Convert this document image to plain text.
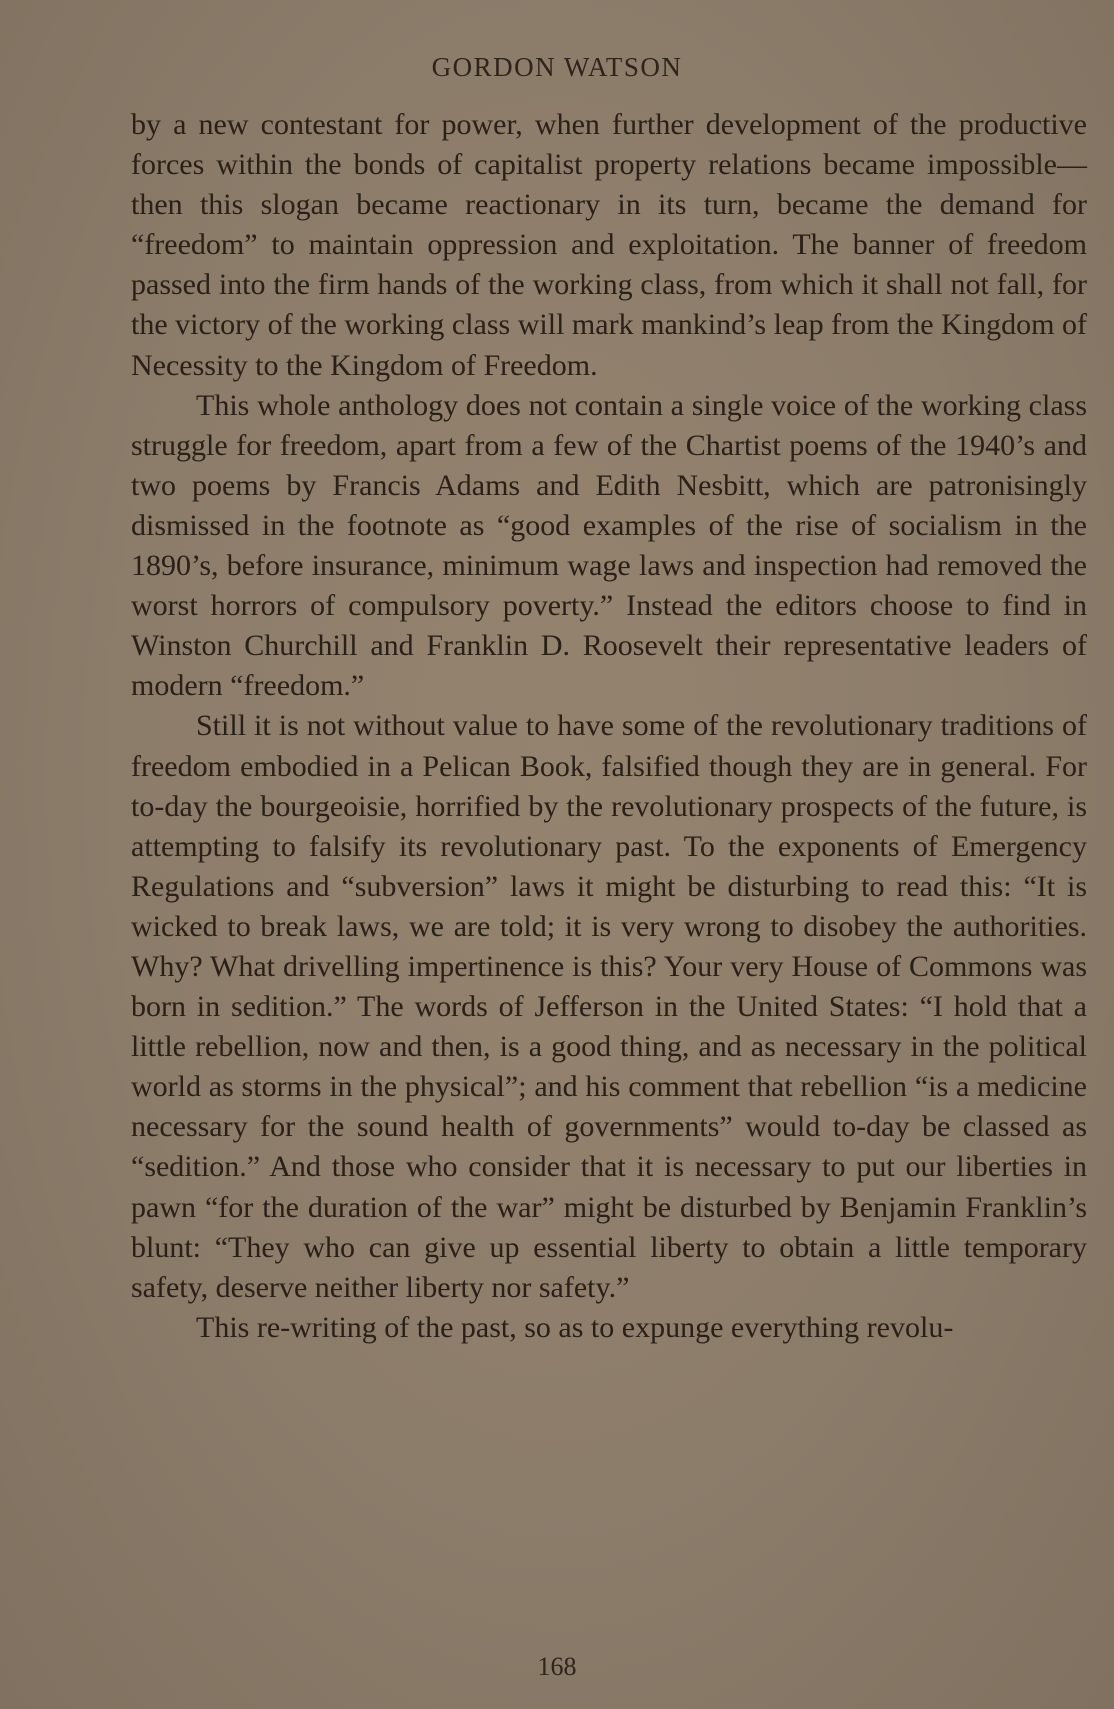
GORDON WATSON

by a new contestant for power, when further development of the productive forces within the bonds of capitalist property relations became impossible—then this slogan became reactionary in its turn, became the demand for “freedom” to maintain oppression and exploitation. The banner of freedom passed into the firm hands of the working class, from which it shall not fall, for the victory of the working class will mark mankind’s leap from the Kingdom of Necessity to the Kingdom of Freedom.

This whole anthology does not contain a single voice of the working class struggle for freedom, apart from a few of the Chartist poems of the 1940’s and two poems by Francis Adams and Edith Nesbitt, which are patronisingly dismissed in the footnote as “good examples of the rise of socialism in the 1890’s, before insurance, minimum wage laws and inspection had removed the worst horrors of compulsory poverty.” Instead the editors choose to find in Winston Churchill and Franklin D. Roosevelt their representative leaders of modern “freedom.”

Still it is not without value to have some of the revolutionary traditions of freedom embodied in a Pelican Book, falsified though they are in general. For to-day the bourgeoisie, horrified by the revolutionary prospects of the future, is attempting to falsify its revolutionary past. To the exponents of Emergency Regulations and “subversion” laws it might be disturbing to read this: “It is wicked to break laws, we are told; it is very wrong to disobey the authorities. Why? What drivelling impertinence is this? Your very House of Commons was born in sedition.” The words of Jefferson in the United States: “I hold that a little rebellion, now and then, is a good thing, and as necessary in the political world as storms in the physical”; and his comment that rebellion “is a medicine necessary for the sound health of governments” would to-day be classed as “sedition.” And those who consider that it is necessary to put our liberties in pawn “for the duration of the war” might be disturbed by Benjamin Franklin’s blunt: “They who can give up essential liberty to obtain a little temporary safety, deserve neither liberty nor safety.”

This re-writing of the past, so as to expunge everything revolu-

168
